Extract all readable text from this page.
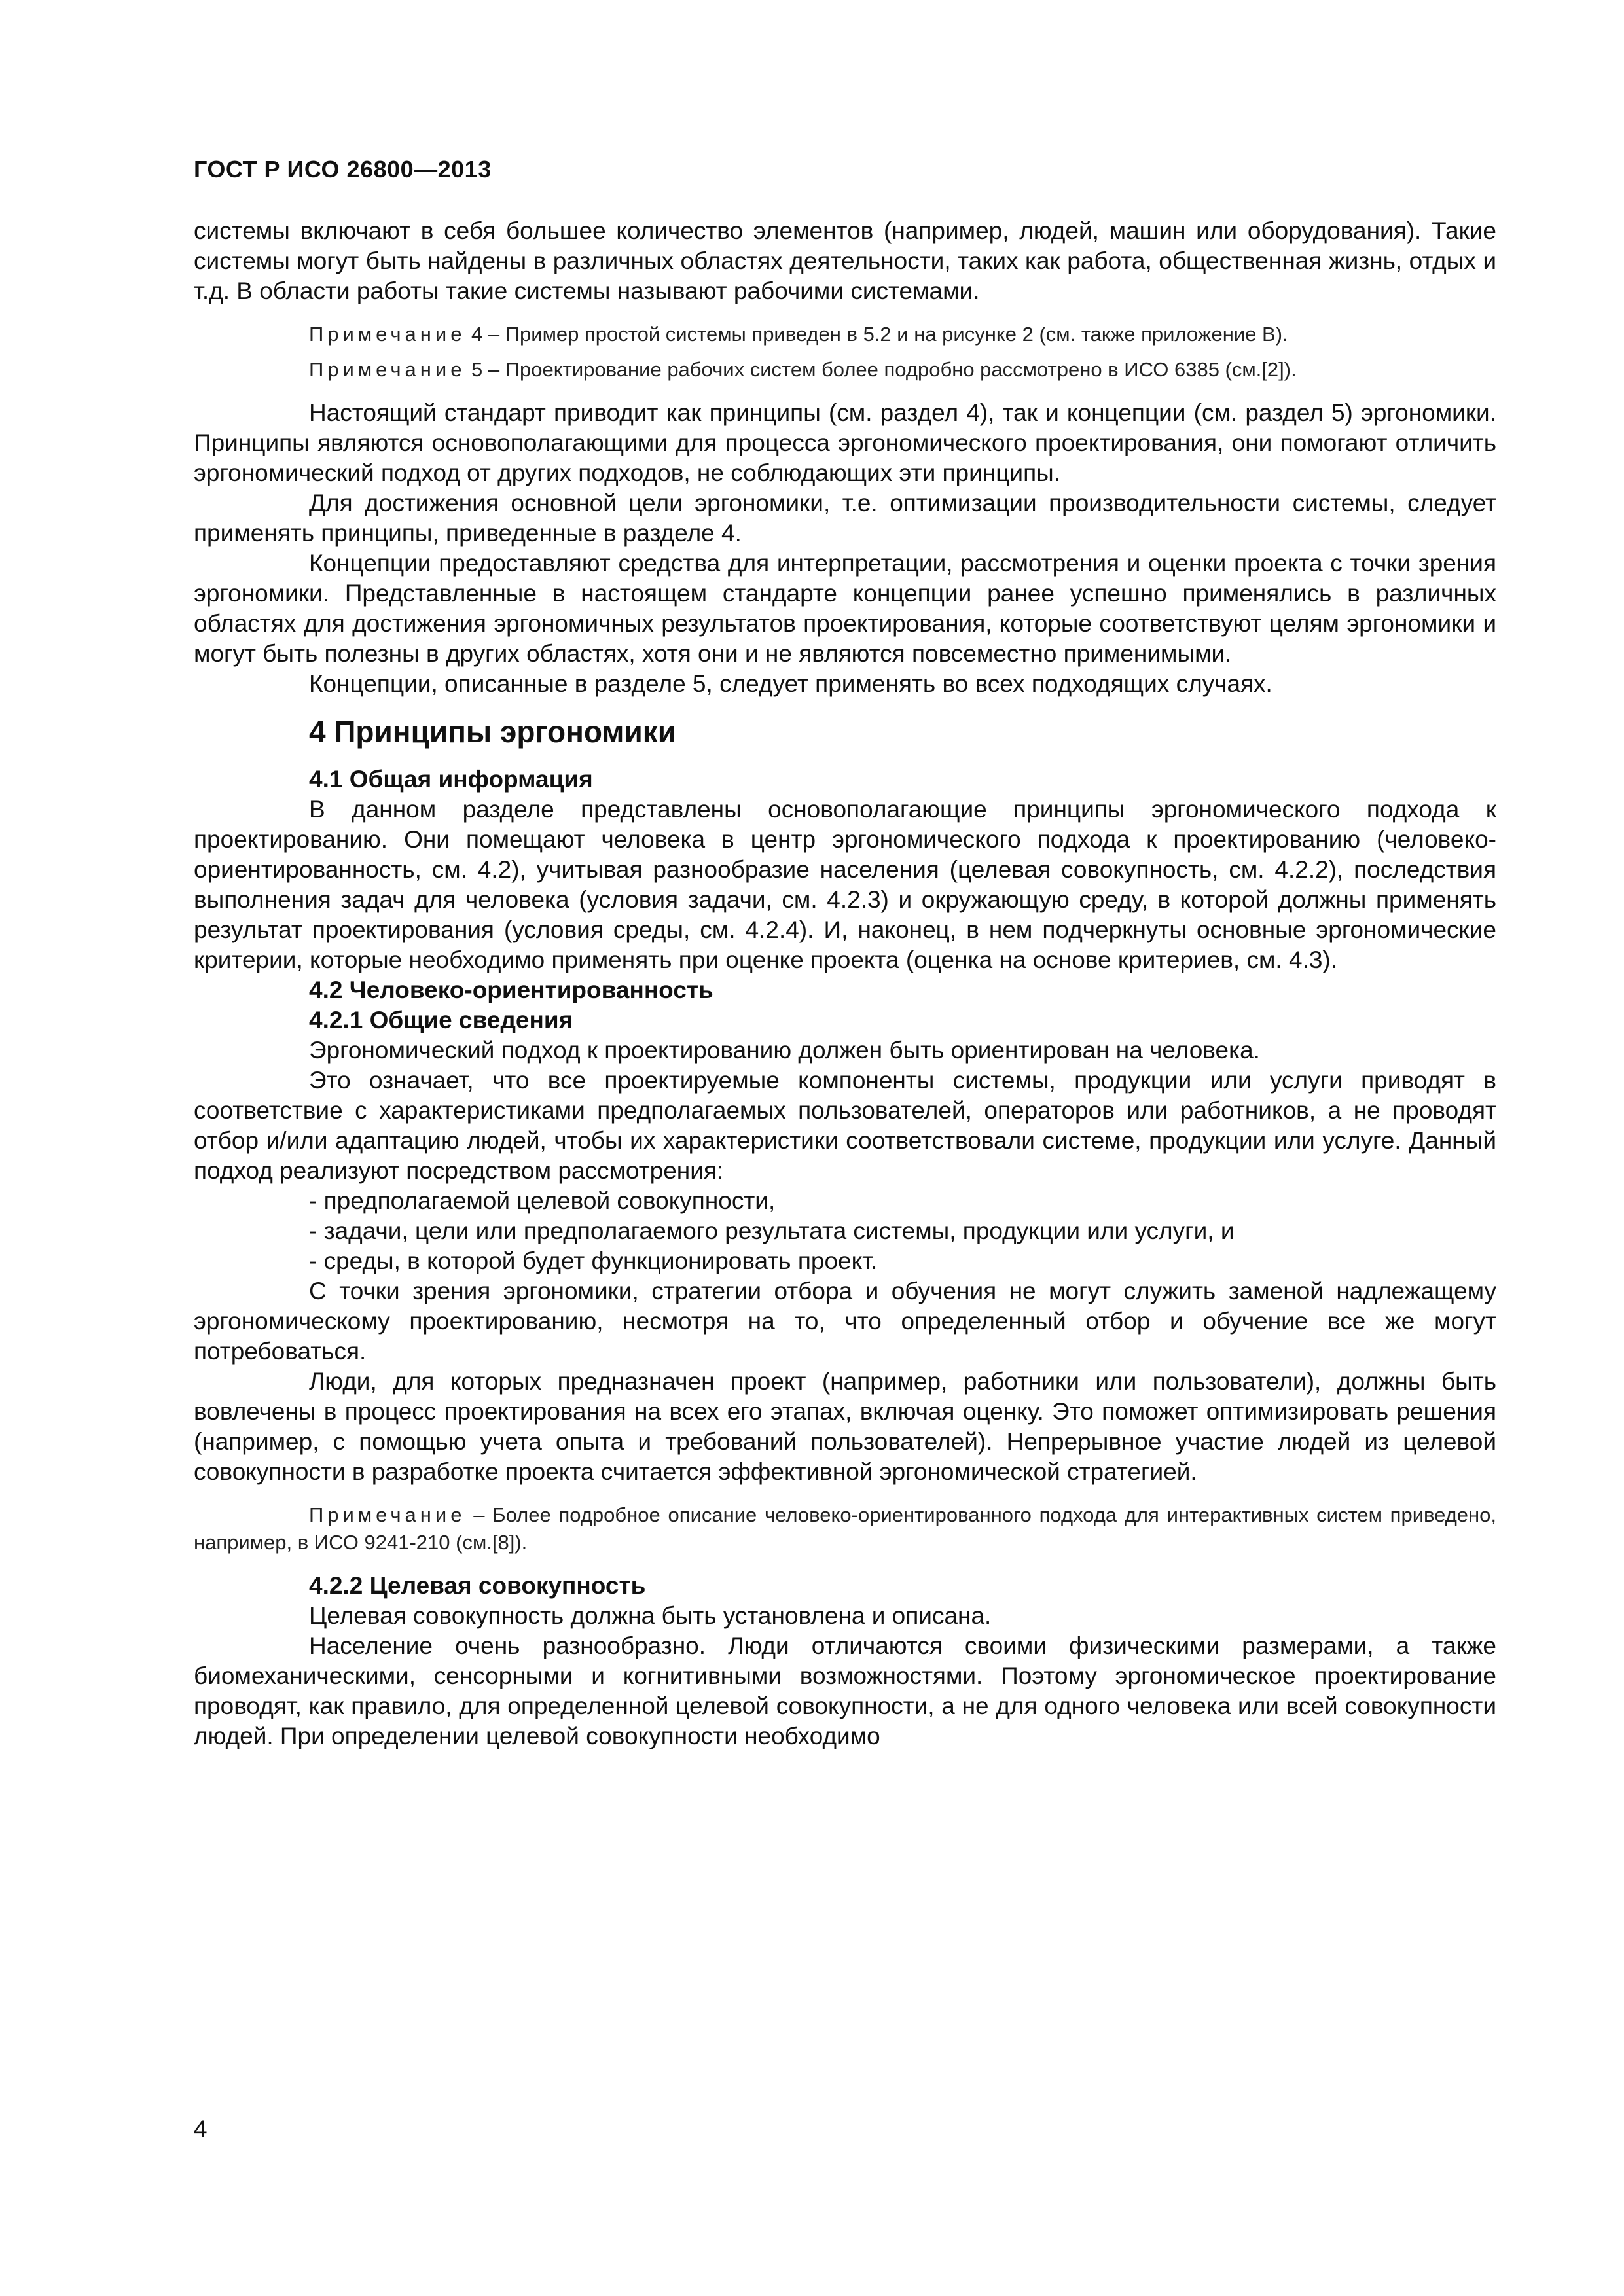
ГОСТ Р ИСО 26800—2013

системы включают в себя большее количество элементов (например, людей, машин или оборудования). Такие системы могут быть найдены в различных областях деятельности, таких как работа, общественная жизнь, отдых и т.д. В области работы такие системы называют рабочими системами.

Примечание 4 – Пример простой системы приведен в 5.2 и на рисунке 2 (см. также приложение В).

Примечание 5 – Проектирование рабочих систем более подробно рассмотрено в ИСО 6385 (см.[2]).

Настоящий стандарт приводит как принципы (см. раздел 4), так и концепции (см. раздел 5) эргономики. Принципы являются основополагающими для процесса эргономического проектирования, они помогают отличить эргономический подход от других подходов, не соблюдающих эти принципы.

Для достижения основной цели эргономики, т.е. оптимизации производительности системы, следует применять принципы, приведенные в разделе 4.

Концепции предоставляют средства для интерпретации, рассмотрения и оценки проекта с точки зрения эргономики. Представленные в настоящем стандарте концепции ранее успешно применялись в различных областях для достижения эргономичных результатов проектирования, которые соответствуют целям эргономики и могут быть полезны в других областях, хотя они и не являются повсеместно применимыми.

Концепции, описанные в разделе 5, следует применять во всех подходящих случаях.

4 Принципы эргономики
4.1 Общая информация

В данном разделе представлены основополагающие принципы эргономического подхода к проектированию. Они помещают человека в центр эргономического подхода к проектированию (человеко-ориентированность, см. 4.2), учитывая разнообразие населения (целевая совокупность, см. 4.2.2), последствия выполнения задач для человека (условия задачи, см. 4.2.3) и окружающую среду, в которой должны применять результат проектирования (условия среды, см. 4.2.4). И, наконец, в нем подчеркнуты основные эргономические критерии, которые необходимо применять при оценке проекта (оценка на основе критериев, см. 4.3).

4.2 Человеко-ориентированность
4.2.1 Общие сведения

Эргономический подход к проектированию должен быть ориентирован на человека.

Это означает, что все проектируемые компоненты системы, продукции или услуги приводят в соответствие с характеристиками предполагаемых пользователей, операторов или работников, а не проводят отбор и/или адаптацию людей, чтобы их характеристики соответствовали системе, продукции или услуге. Данный подход реализуют посредством рассмотрения:

- предполагаемой целевой совокупности,
- задачи, цели или предполагаемого результата системы, продукции или услуги, и
- среды, в которой будет функционировать проект.

С точки зрения эргономики, стратегии отбора и обучения не могут служить заменой надлежащему эргономическому проектированию, несмотря на то, что определенный отбор и обучение все же могут потребоваться.

Люди, для которых предназначен проект (например, работники или пользователи), должны быть вовлечены в процесс проектирования на всех его этапах, включая оценку. Это поможет оптимизировать решения (например, с помощью учета опыта и требований пользователей). Непрерывное участие людей из целевой совокупности в разработке проекта считается эффективной эргономической стратегией.

Примечание – Более подробное описание человеко-ориентированного подхода для интерактивных систем приведено, например, в ИСО 9241-210 (см.[8]).

4.2.2 Целевая совокупность

Целевая совокупность должна быть установлена и описана.

Население очень разнообразно. Люди отличаются своими физическими размерами, а также биомеханическими, сенсорными и когнитивными возможностями. Поэтому эргономическое проектирование проводят, как правило, для определенной целевой совокупности, а не для одного человека или всей совокупности людей. При определении целевой совокупности необходимо

4
